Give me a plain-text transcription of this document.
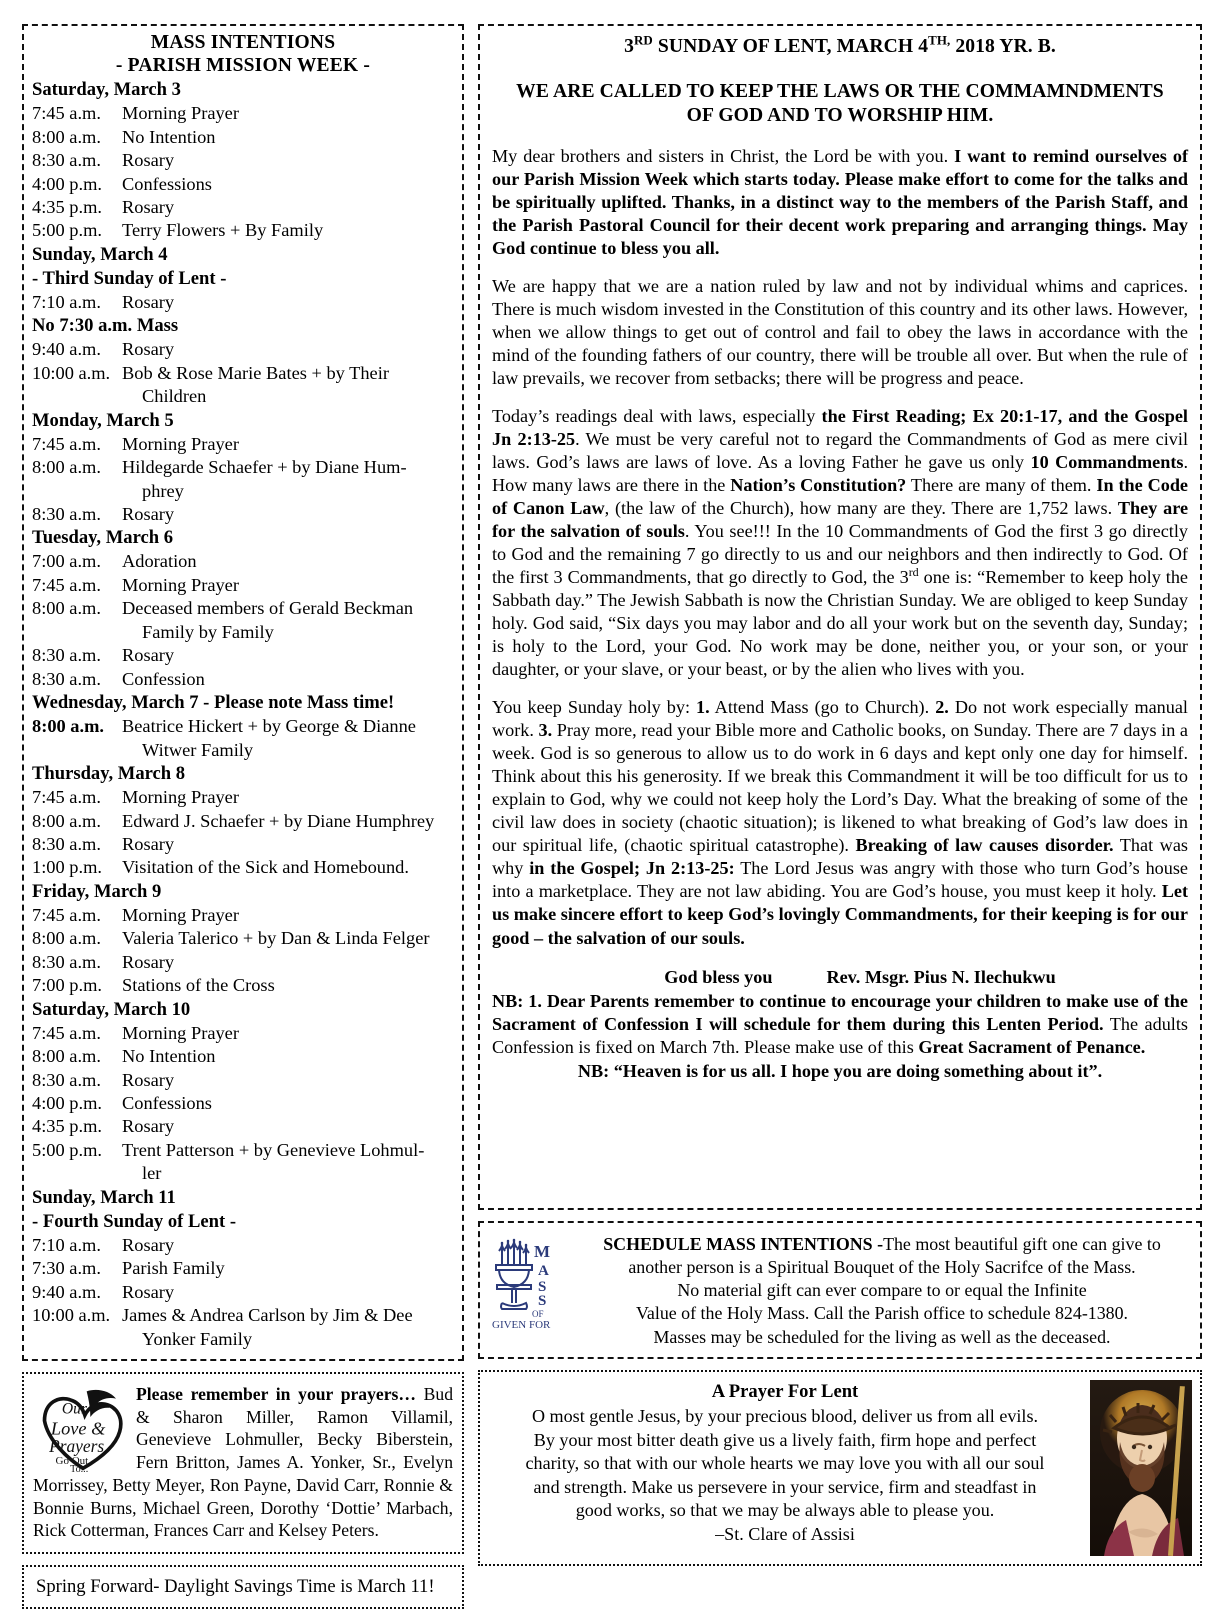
MASS INTENTIONS
- PARISH MISSION WEEK -
Saturday, March 3
7:45 a.m.	Morning Prayer
8:00 a.m.	No Intention
8:30 a.m.	Rosary
4:00 p.m.	Confessions
4:35 p.m.	Rosary
5:00 p.m.	Terry Flowers + By Family
Sunday, March 4
- Third Sunday of Lent -
7:10 a.m.	Rosary
No 7:30 a.m. Mass
9:40 a.m.	Rosary
10:00 a.m. Bob & Rose Marie Bates + by Their
Children
Monday, March 5
7:45 a.m.	Morning Prayer
8:00 a.m.	Hildegarde Schaefer + by Diane Hum-
phrey
8:30 a.m.	Rosary
Tuesday, March 6
7:00 a.m.	Adoration
7:45 a.m.	Morning Prayer
8:00 a.m.	Deceased members of Gerald Beckman
Family by Family
8:30 a.m.	Rosary
8:30 a.m.	Confession
Wednesday, March 7 - Please note Mass time!
8:00 a.m. Beatrice Hickert + by George & Dianne
Witwer Family
Thursday, March 8
7:45 a.m.	Morning Prayer
8:00 a.m.	Edward J. Schaefer + by Diane Humphrey
8:30 a.m.	Rosary
1:00 p.m.	Visitation of the Sick and Homebound.
Friday, March 9
7:45 a.m.	Morning Prayer
8:00 a.m.	Valeria Talerico + by Dan & Linda Felger
8:30 a.m.	Rosary
7:00 p.m.	Stations of the Cross
Saturday, March 10
7:45 a.m.	Morning Prayer
8:00 a.m.	No Intention
8:30 a.m.	Rosary
4:00 p.m.	Confessions
4:35 p.m.	Rosary
5:00 p.m.	Trent Patterson + by Genevieve Lohmul-
ler
Sunday, March 11
- Fourth Sunday of Lent -
7:10 a.m.	Rosary
7:30 a.m.	Parish Family
9:40 a.m.	Rosary
10:00 a.m. James & Andrea Carlson by Jim & Dee
Yonker Family
Our
Love &
Prayers
Go Out
To...
Please remember in your prayers… Bud & Sharon Miller, Ramon Villamil, Genevieve Lohmuller, Becky Biberstein, Fern Britton, James A. Yonker, Sr., Evelyn Morrissey, Betty Meyer, Ron Payne, David Carr, Ronnie & Bonnie Burns, Michael Green, Dorothy ‘Dottie’ Marbach, Rick Cotterman, Frances Carr and Kelsey Peters.
Spring Forward- Daylight Savings Time is March 11!
3RD SUNDAY OF LENT, MARCH $4^{TH,}$ 2018 YR. B.
WE ARE CALLED TO KEEP THE LAWS OR THE COMMAMNDMENTS
OF GOD AND TO WORSHIP HIM.

My dear brothers and sisters in Christ, the Lord be with you. I want to remind ourselves of our Parish Mission Week which starts today. Please make effort to come for the talks and be spiritually uplifted. Thanks, in a distinct way to the members of the Parish Staff, and the Parish Pastoral Council for their decent work preparing and arranging things. May God continue to bless you all.

We are happy that we are a nation ruled by law and not by individual whims and caprices. There is much wisdom invested in the Constitution of this country and its other laws. However, when we allow things to get out of control and fail to obey the laws in accordance with the mind of the founding fathers of our country, there will be trouble all over. But when the rule of law prevails, we recover from setbacks; there will be progress and peace.

Today’s readings deal with laws, especially the First Reading; Ex 20:1-17, and the Gospel Jn 2:13-25. We must be very careful not to regard the Commandments of God as mere civil laws. God’s laws are laws of love. As a loving Father he gave us only 10 Commandments. How many laws are there in the Nation’s Constitution? There are many of them. In the Code of Canon Law, (the law of the Church), how many are they. There are 1,752 laws. They are for the salvation of souls. You see!!! In the 10 Commandments of God the first 3 go directly to God and the remaining 7 go directly to us and our neighbors and then indirectly to God. Of the first 3 Commandments, that go directly to God, the 3rd one is: “Remember to keep holy the Sabbath day.” The Jewish Sabbath is now the Christian Sunday. We are obliged to keep Sunday holy. God said, “Six days you may labor and do all your work but on the seventh day, Sunday; is holy to the Lord, your God. No work may be done, neither you, or your son, or your daughter, or your slave, or your beast, or by the alien who lives with you.

You keep Sunday holy by: 1. Attend Mass (go to Church). 2. Do not work especially manual work. 3. Pray more, read your Bible more and Catholic books, on Sunday. There are 7 days in a week. God is so generous to allow us to do work in 6 days and kept only one day for himself. Think about this his generosity. If we break this Commandment it will be too difficult for us to explain to God, why we could not keep holy the Lord’s Day. What the breaking of some of the civil law does in society (chaotic situation); is likened to what breaking of God’s law does in our spiritual life, (chaotic spiritual catastrophe). Breaking of law causes disorder. That was why in the Gospel; Jn 2:13-25: The Lord Jesus was angry with those who turn God’s house into a marketplace. They are not law abiding. You are God’s house, you must keep it holy. Let us make sincere effort to keep God’s lovingly Commandments, for their keeping is for our good – the salvation of our souls.

God bless you	Rev. Msgr. Pius N. Ilechukwu
NB: 1. Dear Parents remember to continue to encourage your children to make use of the Sacrament of Confession I will schedule for them during this Lenten Period. The adults Confession is fixed on March 7th. Please make use of this Great Sacrament of Penance.
NB: “Heaven is for us all. I hope you are doing something about it”.
M
A
S
S
OF
GIVEN FOR
SCHEDULE MASS INTENTIONS -The most beautiful gift one can give to
another person is a Spiritual Bouquet of the Holy Sacrifce of the Mass.
No material gift can ever compare to or equal the Infinite
Value of the Holy Mass. Call the Parish office to schedule 824-1380.
Masses may be scheduled for the living as well as the deceased.
A Prayer For Lent
O most gentle Jesus, by your precious blood, deliver us from all evils.
By your most bitter death give us a lively faith, firm hope and perfect
charity, so that with our whole hearts we may love you with all our soul
and strength. Make us persevere in your service, firm and steadfast in
good works, so that we may be always able to please you.
–St. Clare of Assisi
